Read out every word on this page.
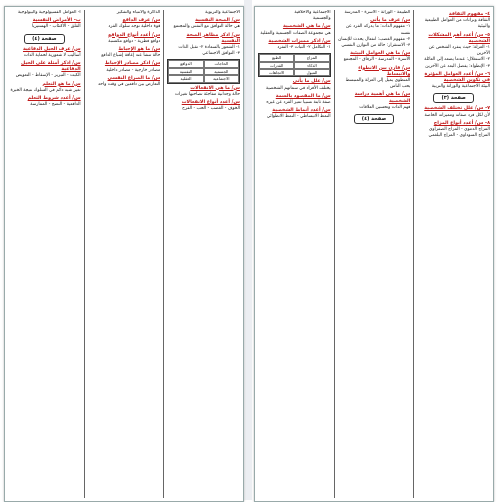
الاجتماعية والتربوية
س/ الصحة النفسية
هي حالة التوافق مع النفس والمجتمع
س/ اذكر مظاهر الصحة النفسية
١- الشعور بالسعادة ٢- تقبل الذات
٣- التوافق الاجتماعي
الحاجات
الدوافع
الجسمية
النفسية
الاجتماعية
العقلية
س/ ما هي الانفعالات
حالة وجدانية مفاجئة تصاحبها تغيرات
س/ أعدد أنواع الانفعالات
الخوف - الغضب - الحب - الفرح
الذاكرة والانتباه والتفكير
س/ عرف الدافع
قوة داخلية توجه سلوك الفرد
س/ أعدد أنواع الدوافع
دوافع فطرية - دوافع مكتسبة
س/ ما هو الإحباط
حالة تنشأ عند إعاقة إشباع الدافع
س/ اذكر مصادر الإحباط
مصادر خارجية - مصادر داخلية
س/ ما الصراع النفسي
التعارض بين دافعين في وقت واحد
أ- العوامل الفسيولوجية والبيولوجية
ب- الأمراض النفسية
القلق - الاكتئاب - الهستيريا
صفحة (٤)
س/ عرف الحيل الدفاعية
أساليب لا شعورية لحماية الذات
س/ اذكر أمثلة على الحيل الدفاعية
الكبت - التبرير - الإسقاط - التعويض
س/ ما هو التعلم
تغير شبه دائم في السلوك نتيجة الخبرة
س/ أعدد شروط التعلم
الدافعية - النضج - الممارسة
٤- مفهوم الثقافة
الثقافة ونراثات من العوامل الطبيعية والبيئية
٥- س/ أعدد أهم المشكلات الشخصية
١- العزلة: حيث ينفرد الشخص عن الآخرين
٢- الاستغلال: عندما يضعه إلى العائلة
٣- الإنطواء: يفضل البعد عن الآخرين
٦- س/ أعدد العوامل المؤثرة في تكوين الشخصية
البيئة الاجتماعية والوراثة والتربية
صفحة (٣)
٧- س/ علل تختلف الشخصية
لأن لكل فرد صفاته ومميزاته الخاصة
٨- س/ أعدد أنواع المزاج
المزاج الدموي - المزاج الصفراوي
المزاج السوداوي - المزاج البلغمي
الطبيعة - الوراثة - الأسرة - المدرسة
س/ عرف ما يأتي
١- مفهوم الذات: ما يدركه الفرد عن نفسه
٢- مفهوم الغضب: انفعال يحدث للإنسان
٣- الاستقرار: حالة من التوازن النفسي
س/ ما هي العوامل البيئية
الأسرة - المدرسة - الرفاق - المجتمع
س/ قارن بين الانطواء والانبساط
المنطوي يميل إلى العزلة والمنبسط يحب الناس
س/ ما هي أهمية دراسة الشخصية
فهم الذات وتحسين العلاقات
صفحة (٤)
الاجتماعية والأخلاقية
والجسمية
س/ ما هي الشخصية
هي مجموعة الصفات الجسمية والعقلية
س/ اذكر مميزات الشخصية
١- التكامل ٢- الثبات ٣- التفرد
المزاج
الطبع
الذكاء
القدرات
الميول
الاتجاهات
س/ علل ما يأتي
يختلف الأفراد في سماتهم الشخصية
س/ ما المقصود بالسمة
صفة ثابتة نسبيا تميز الفرد عن غيره
س/ أعدد أنماط الشخصية
النمط الانبساطي - النمط الانطوائي
